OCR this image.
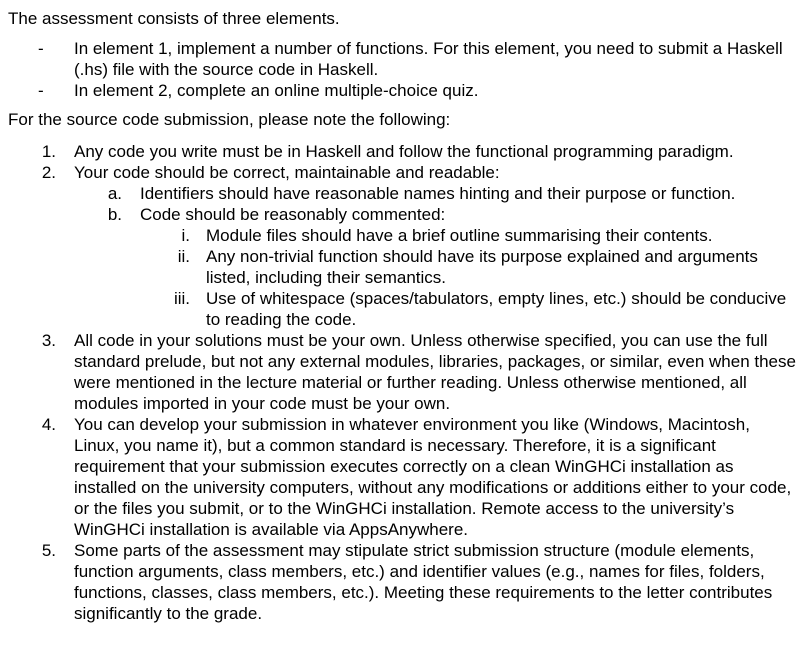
The assessment consists of three elements.

- In element 1, implement a number of functions. For this element, you need to submit a Haskell (.hs) file with the source code in Haskell.
- In element 2, complete an online multiple-choice quiz.

For the source code submission, please note the following:

1. Any code you write must be in Haskell and follow the functional programming paradigm.
2. Your code should be correct, maintainable and readable:
a. Identifiers should have reasonable names hinting and their purpose or function.
b. Code should be reasonably commented:
i. Module files should have a brief outline summarising their contents.
ii. Any non-trivial function should have its purpose explained and arguments listed, including their semantics.
iii. Use of whitespace (spaces/tabulators, empty lines, etc.) should be conducive to reading the code.
3. All code in your solutions must be your own. Unless otherwise specified, you can use the full standard prelude, but not any external modules, libraries, packages, or similar, even when these were mentioned in the lecture material or further reading. Unless otherwise mentioned, all modules imported in your code must be your own.
4. You can develop your submission in whatever environment you like (Windows, Macintosh, Linux, you name it), but a common standard is necessary. Therefore, it is a significant requirement that your submission executes correctly on a clean WinGHCi installation as installed on the university computers, without any modifications or additions either to your code, or the files you submit, or to the WinGHCi installation. Remote access to the university’s WinGHCi installation is available via AppsAnywhere.
5. Some parts of the assessment may stipulate strict submission structure (module elements, function arguments, class members, etc.) and identifier values (e.g., names for files, folders, functions, classes, class members, etc.). Meeting these requirements to the letter contributes significantly to the grade.
